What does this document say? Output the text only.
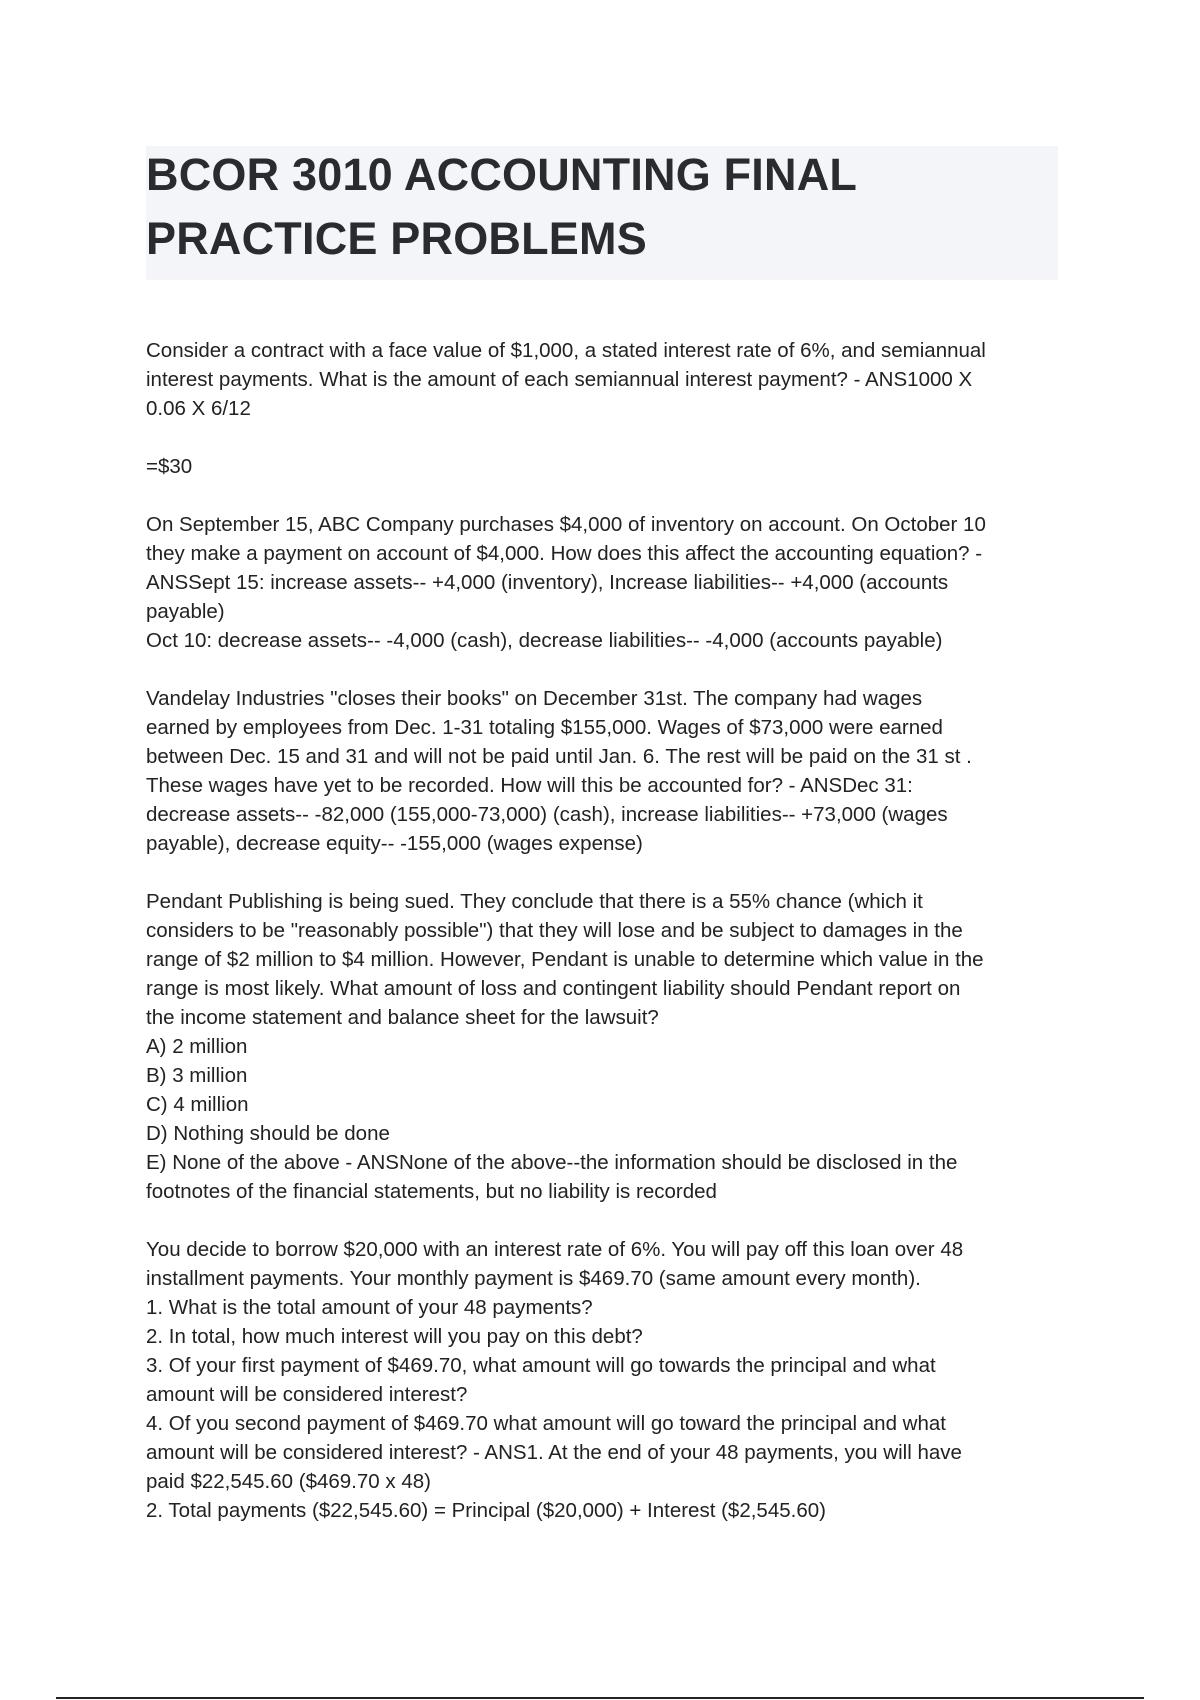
BCOR 3010 ACCOUNTING FINAL
PRACTICE PROBLEMS

Consider a contract with a face value of $1,000, a stated interest rate of 6%, and semiannual

interest payments. What is the amount of each semiannual interest payment? - ANS1000 X

0.06 X 6/12

=$30

On September 15, ABC Company purchases $4,000 of inventory on account. On October 10

they make a payment on account of $4,000. How does this affect the accounting equation? -

ANSSept 15: increase assets-- +4,000 (inventory), Increase liabilities-- +4,000 (accounts

payable)

Oct 10: decrease assets-- -4,000 (cash), decrease liabilities-- -4,000 (accounts payable)

Vandelay Industries "closes their books" on December 31st. The company had wages

earned by employees from Dec. 1-31 totaling $155,000. Wages of $73,000 were earned

between Dec. 15 and 31 and will not be paid until Jan. 6. The rest will be paid on the 31 st .

These wages have yet to be recorded. How will this be accounted for? - ANSDec 31:

decrease assets-- -82,000 (155,000-73,000) (cash), increase liabilities-- +73,000 (wages

payable), decrease equity-- -155,000 (wages expense)

Pendant Publishing is being sued. They conclude that there is a 55% chance (which it

considers to be "reasonably possible") that they will lose and be subject to damages in the

range of $2 million to $4 million. However, Pendant is unable to determine which value in the

range is most likely. What amount of loss and contingent liability should Pendant report on

the income statement and balance sheet for the lawsuit?

A) 2 million

B) 3 million

C) 4 million

D) Nothing should be done

E) None of the above - ANSNone of the above--the information should be disclosed in the

footnotes of the financial statements, but no liability is recorded

You decide to borrow $20,000 with an interest rate of 6%. You will pay off this loan over 48

installment payments. Your monthly payment is $469.70 (same amount every month).

1. What is the total amount of your 48 payments?

2. In total, how much interest will you pay on this debt?

3. Of your first payment of $469.70, what amount will go towards the principal and what

amount will be considered interest?

4. Of you second payment of $469.70 what amount will go toward the principal and what

amount will be considered interest? - ANS1. At the end of your 48 payments, you will have

paid $22,545.60 ($469.70 x 48)

2. Total payments ($22,545.60) = Principal ($20,000) + Interest ($2,545.60)
